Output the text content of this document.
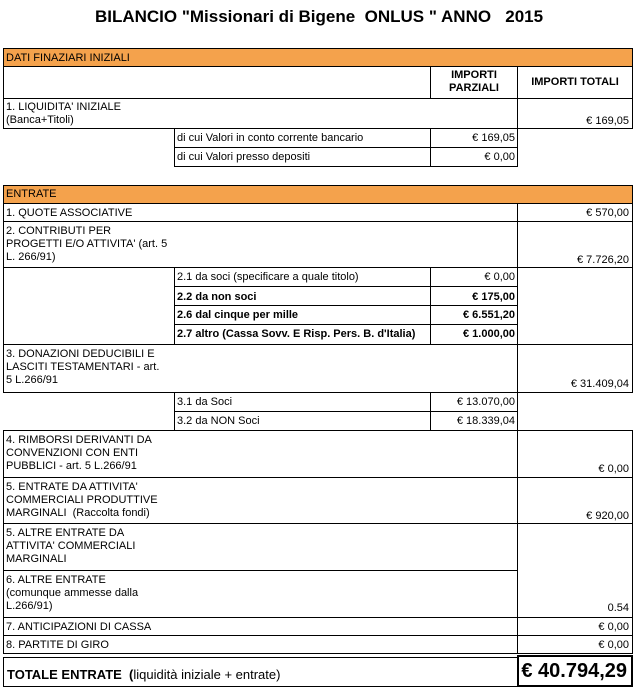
BILANCIO "Missionari di Bigene  ONLUS " ANNO   2015
DATI FINAZIARI INIZIALI
IMPORTI
PARZIALI	IMPORTI TOTALI
1. LIQUIDITA' INIZIALE
(Banca+Titoli)	€ 169,05
di cui Valori in conto corrente bancario	€ 169,05
di cui Valori presso depositi	€ 0,00
ENTRATE
1. QUOTE ASSOCIATIVE	€ 570,00
2. CONTRIBUTI PER
PROGETTI E/O ATTIVITA' (art. 5
L. 266/91)	€ 7.726,20
2.1 da soci (specificare a quale titolo)	€ 0,00
2.2 da non soci	€ 175,00
2.6 dal cinque per mille	€ 6.551,20
2.7 altro (Cassa Sovv. E Risp. Pers. B. d'Italia)	€ 1.000,00
3. DONAZIONI DEDUCIBILI E
LASCITI TESTAMENTARI - art.
5 L.266/91	€ 31.409,04
3.1 da Soci	€ 13.070,00
3.2 da NON Soci	€ 18.339,04
4. RIMBORSI DERIVANTI DA
CONVENZIONI CON ENTI
PUBBLICI - art. 5 L.266/91	€ 0,00
5. ENTRATE DA ATTIVITA'
COMMERCIALI PRODUTTIVE
MARGINALI  (Raccolta fondi)	€ 920,00
5. ALTRE ENTRATE DA
ATTIVITA' COMMERCIALI
MARGINALI
6. ALTRE ENTRATE
(comunque ammesse dalla
L.266/91)	0.54
7. ANTICIPAZIONI DI CASSA	€ 0,00
8. PARTITE DI GIRO	€ 0,00
TOTALE ENTRATE  (liquidità iniziale + entrate)	€ 40.794,29
